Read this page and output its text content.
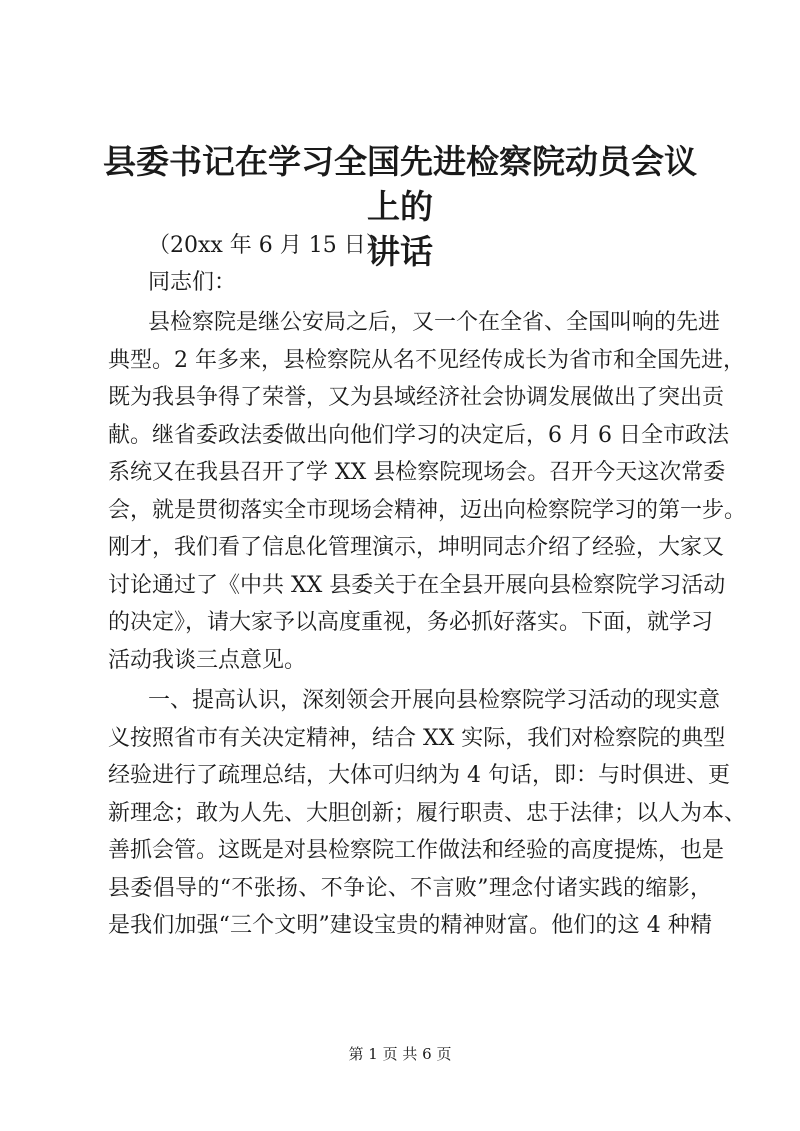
县委书记在学习全国先进检察院动员会议上的
讲话
（20xx 年 6 月 15 日）
同志们：
县检察院是继公安局之后，又一个在全省、全国叫响的先进
典型。2 年多来，县检察院从名不见经传成长为省市和全国先进，
既为我县争得了荣誉，又为县域经济社会协调发展做出了突出贡
献。继省委政法委做出向他们学习的决定后，6 月 6 日全市政法
系统又在我县召开了学 XX 县检察院现场会。召开今天这次常委
会，就是贯彻落实全市现场会精神，迈出向检察院学习的第一步。
刚才，我们看了信息化管理演示，坤明同志介绍了经验，大家又
讨论通过了《中共 XX 县委关于在全县开展向县检察院学习活动
的决定》，请大家予以高度重视，务必抓好落实。下面，就学习
活动我谈三点意见。
一、提高认识，深刻领会开展向县检察院学习活动的现实意
义按照省市有关决定精神，结合 XX 实际，我们对检察院的典型
经验进行了疏理总结，大体可归纳为 4 句话，即：与时俱进、更
新理念；敢为人先、大胆创新；履行职责、忠于法律；以人为本、
善抓会管。这既是对县检察院工作做法和经验的高度提炼，也是
县委倡导的“不张扬、不争论、不言败”理念付诸实践的缩影，
是我们加强“三个文明”建设宝贵的精神财富。他们的这 4 种精
第 1 页 共 6 页
